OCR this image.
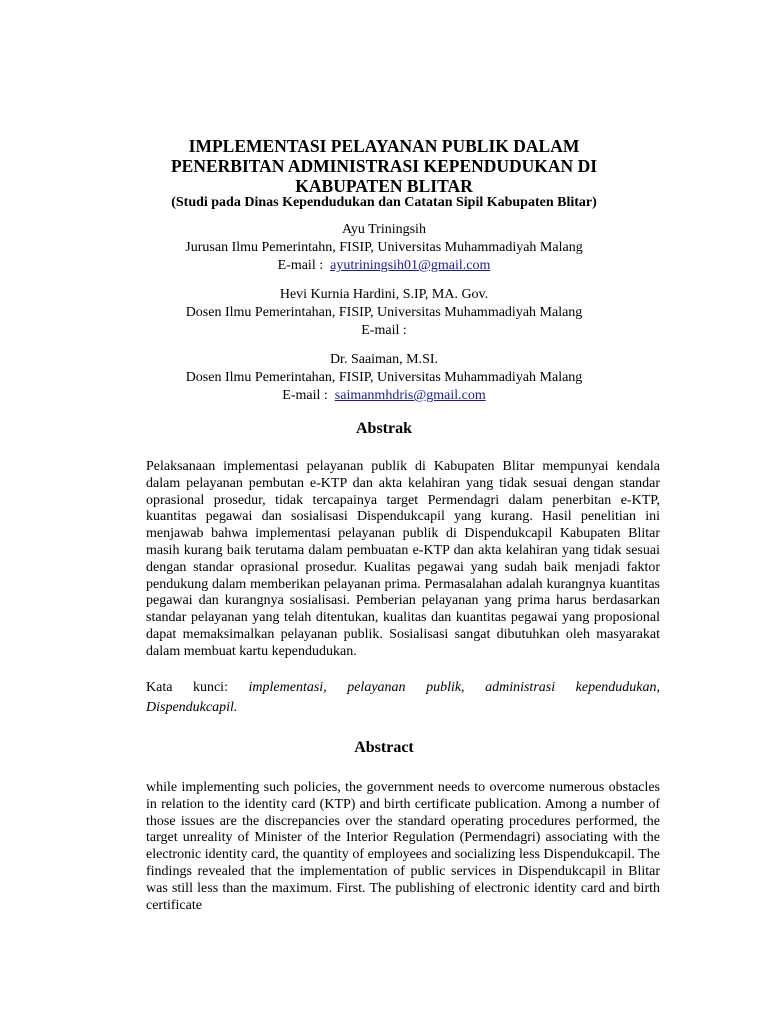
IMPLEMENTASI PELAYANAN PUBLIK DALAM
PENERBITAN ADMINISTRASI KEPENDUDUKAN DI
KABUPATEN BLITAR
(Studi pada Dinas Kependudukan dan Catatan Sipil Kabupaten Blitar)
Ayu Triningsih
Jurusan Ilmu Pemerintahn, FISIP, Universitas Muhammadiyah Malang
E-mail : ayutriningsih01@gmail.com
Hevi Kurnia Hardini, S.IP, MA. Gov.
Dosen Ilmu Pemerintahan, FISIP, Universitas Muhammadiyah Malang
E-mail :
Dr. Saaiman, M.SI.
Dosen Ilmu Pemerintahan, FISIP, Universitas Muhammadiyah Malang
E-mail : saimanmhdris@gmail.com
Abstrak
Pelaksanaan implementasi pelayanan publik di Kabupaten Blitar mempunyai kendala dalam pelayanan pembutan e-KTP dan akta kelahiran yang tidak sesuai dengan standar oprasional prosedur, tidak tercapainya target Permendagri dalam penerbitan e-KTP, kuantitas pegawai dan sosialisasi Dispendukcapil yang kurang. Hasil penelitian ini menjawab bahwa implementasi pelayanan publik di Dispendukcapil Kabupaten Blitar masih kurang baik terutama dalam pembuatan e-KTP dan akta kelahiran yang tidak sesuai dengan standar oprasional prosedur. Kualitas pegawai yang sudah baik menjadi faktor pendukung dalam memberikan pelayanan prima. Permasalahan adalah kurangnya kuantitas pegawai dan kurangnya sosialisasi. Pemberian pelayanan yang prima harus berdasarkan standar pelayanan yang telah ditentukan, kualitas dan kuantitas pegawai yang proposional dapat memaksimalkan pelayanan publik. Sosialisasi sangat dibutuhkan oleh masyarakat dalam membuat kartu kependudukan.
Kata kunci: implementasi, pelayanan publik, administrasi kependudukan,
Dispendukcapil.
Abstract
while implementing such policies, the government needs to overcome numerous obstacles in relation to the identity card (KTP) and birth certificate publication. Among a number of those issues are the discrepancies over the standard operating procedures performed, the target unreality of Minister of the Interior Regulation (Permendagri) associating with the electronic identity card, the quantity of employees and socializing less Dispendukcapil. The findings revealed that the implementation of public services in Dispendukcapil in Blitar was still less than the maximum. First. The publishing of electronic identity card and birth certificate
